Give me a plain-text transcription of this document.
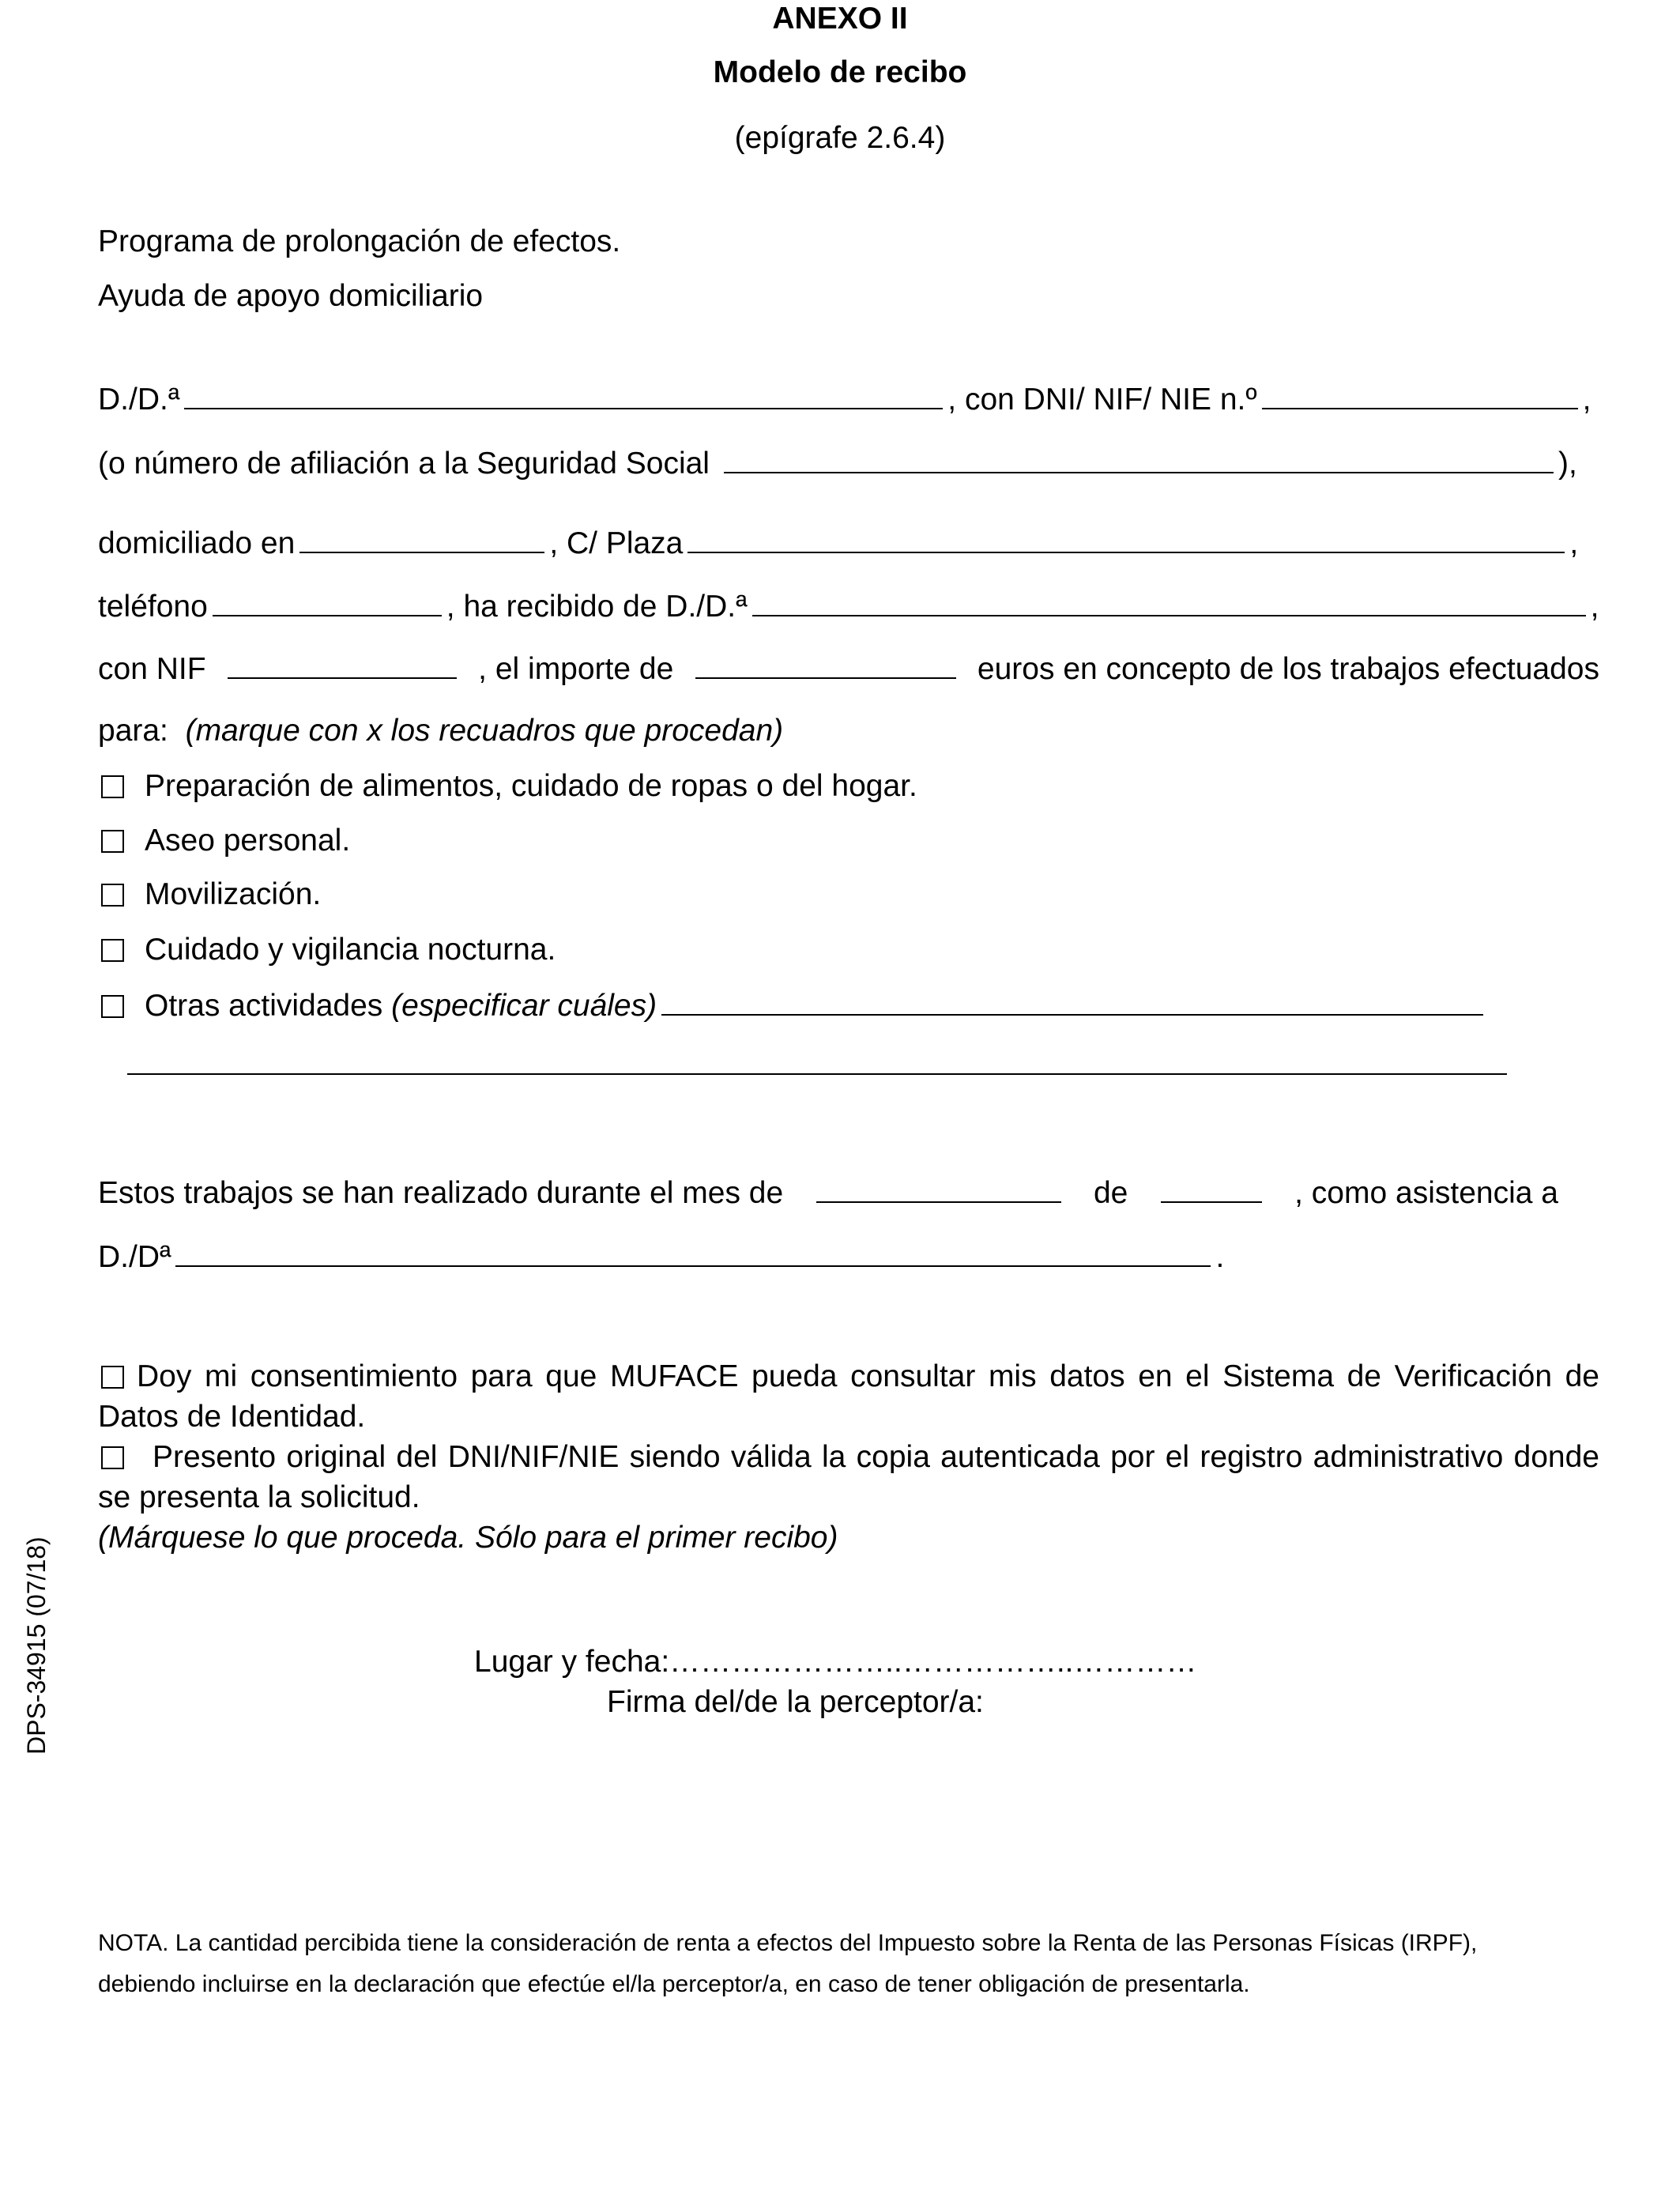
ANEXO II
Modelo de recibo
(epígrafe 2.6.4)
Programa de prolongación de efectos.
Ayuda de apoyo domiciliario
D./D.ª	, con DNI/ NIF/ NIE n.º	,
(o número de afiliación a la Seguridad Social	),
domiciliado en	, C/ Plaza	,
teléfono	, ha recibido de D./D.ª	,
con NIF	, el importe de	euros en concepto de los trabajos efectuados
para: (marque con x los recuadros que procedan)
Preparación de alimentos, cuidado de ropas o del hogar.
Aseo personal.
Movilización.
Cuidado y vigilancia nocturna.
Otras actividades (especificar cuáles)
Estos trabajos se han realizado durante el mes de	de	, como asistencia a
D./Dª	.
Doy mi consentimiento para que MUFACE pueda consultar mis datos en el Sistema de Verificación de Datos de Identidad.
Presento original del DNI/NIF/NIE siendo válida la copia autenticada por el registro administrativo donde se presenta la solicitud.
(Márquese lo que proceda. Sólo para el primer recibo)
Lugar y fecha:…………………..……………..…………
Firma del/de la perceptor/a:
DPS-34915 (07/18)
NOTA. La cantidad percibida tiene la consideración de renta a efectos del Impuesto sobre la Renta de las Personas Físicas (IRPF),
debiendo incluirse en la declaración que efectúe el/la perceptor/a, en caso de tener obligación de presentarla.
